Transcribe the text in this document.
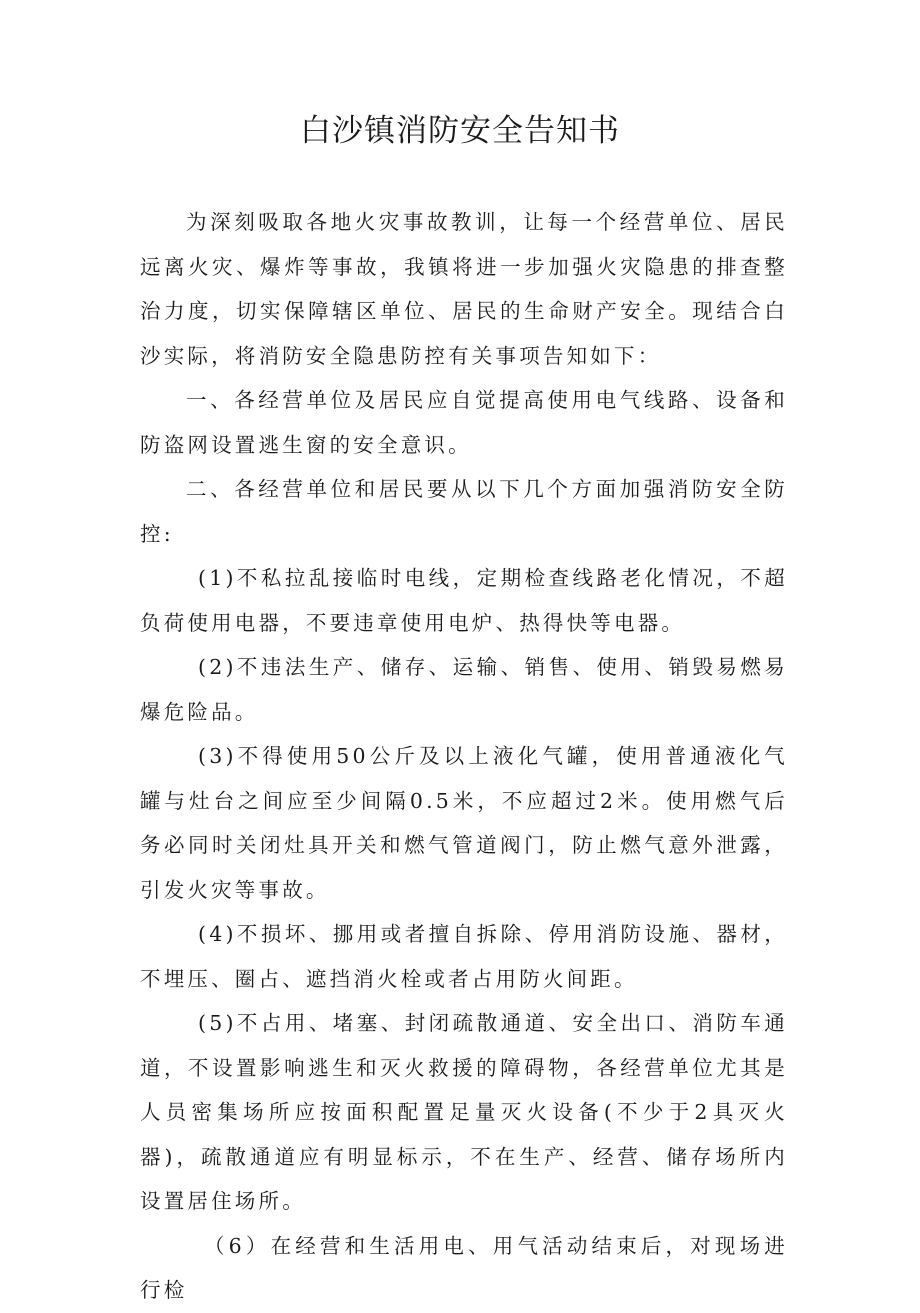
白沙镇消防安全告知书

为深刻吸取各地火灾事故教训，让每一个经营单位、居民远离火灾、爆炸等事故，我镇将进一步加强火灾隐患的排查整治力度，切实保障辖区单位、居民的生命财产安全。现结合白沙实际，将消防安全隐患防控有关事项告知如下：

一、各经营单位及居民应自觉提高使用电气线路、设备和防盗网设置逃生窗的安全意识。

二、各经营单位和居民要从以下几个方面加强消防安全防控:

(1)不私拉乱接临时电线，定期检查线路老化情况，不超负荷使用电器，不要违章使用电炉、热得快等电器。

(2)不违法生产、储存、运输、销售、使用、销毁易燃易爆危险品。

(3)不得使用50公斤及以上液化气罐，使用普通液化气罐与灶台之间应至少间隔0.5米，不应超过2米。使用燃气后务必同时关闭灶具开关和燃气管道阀门，防止燃气意外泄露，引发火灾等事故。

(4)不损坏、挪用或者擅自拆除、停用消防设施、器材，不埋压、圈占、遮挡消火栓或者占用防火间距。

(5)不占用、堵塞、封闭疏散通道、安全出口、消防车通道，不设置影响逃生和灭火救援的障碍物，各经营单位尤其是人员密集场所应按面积配置足量灭火设备(不少于2具灭火器)，疏散通道应有明显标示，不在生产、经营、储存场所内设置居住场所。

（6）在经营和生活用电、用气活动结束后，对现场进行检
